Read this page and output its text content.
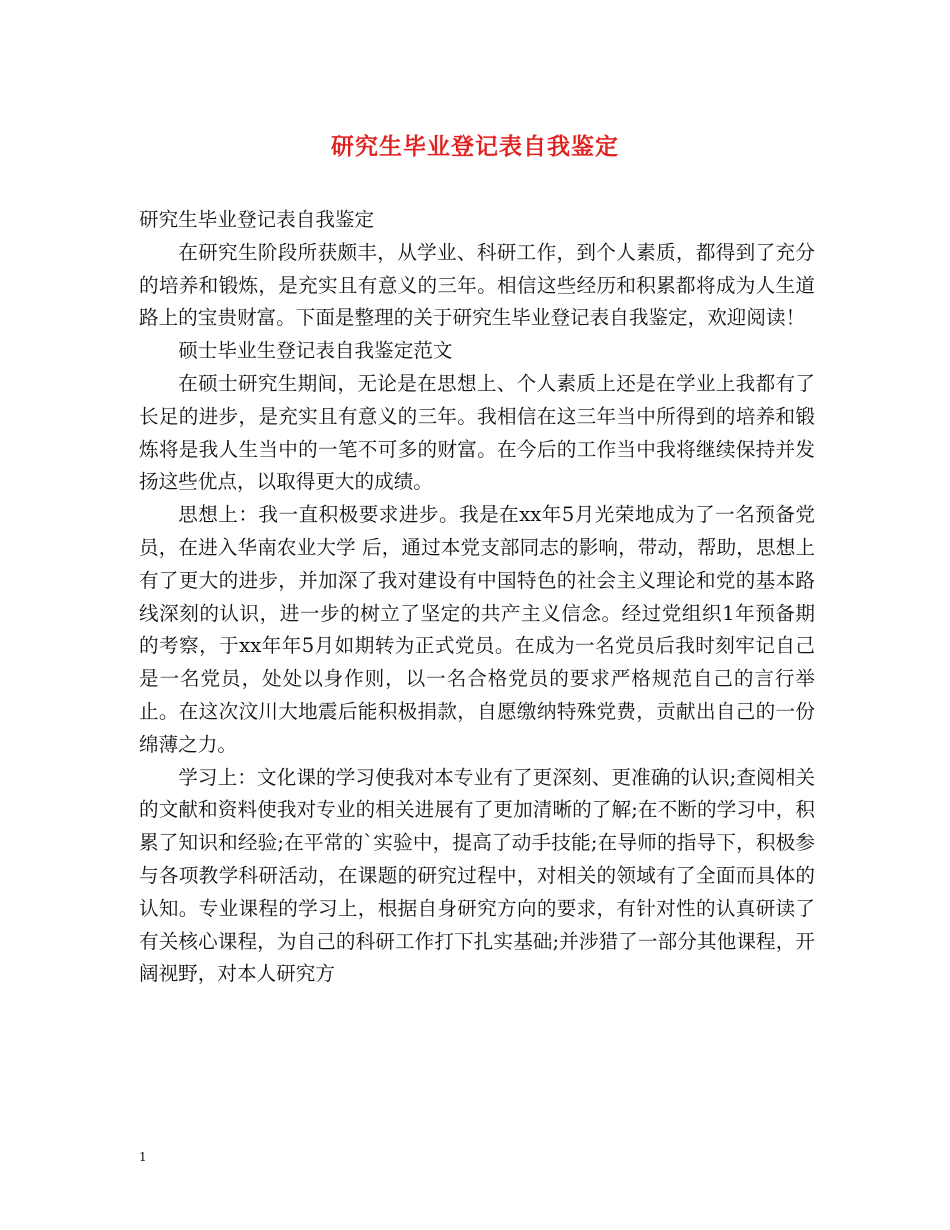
研究生毕业登记表自我鉴定

研究生毕业登记表自我鉴定

在研究生阶段所获颇丰，从学业、科研工作，到个人素质，都得到了充分的培养和锻炼，是充实且有意义的三年。相信这些经历和积累都将成为人生道路上的宝贵财富。下面是整理的关于研究生毕业登记表自我鉴定，欢迎阅读！

硕士毕业生登记表自我鉴定范文

在硕士研究生期间，无论是在思想上、个人素质上还是在学业上我都有了长足的进步，是充实且有意义的三年。我相信在这三年当中所得到的培养和锻炼将是我人生当中的一笔不可多的财富。在今后的工作当中我将继续保持并发扬这些优点，以取得更大的成绩。

思想上：我一直积极要求进步。我是在xx年5月光荣地成为了一名预备党员，在进入华南农业大学 后，通过本党支部同志的影响，带动，帮助，思想上有了更大的进步，并加深了我对建设有中国特色的社会主义理论和党的基本路线深刻的认识，进一步的树立了坚定的共产主义信念。经过党组织1年预备期的考察，于xx年年5月如期转为正式党员。在成为一名党员后我时刻牢记自己是一名党员，处处以身作则，以一名合格党员的要求严格规范自己的言行举止。在这次汶川大地震后能积极捐款，自愿缴纳特殊党费，贡献出自己的一份绵薄之力。

学习上：文化课的学习使我对本专业有了更深刻、更准确的认识;查阅相关的文献和资料使我对专业的相关进展有了更加清晰的了解;在不断的学习中，积累了知识和经验;在平常的`实验中，提高了动手技能;在导师的指导下，积极参与各项教学科研活动，在课题的研究过程中，对相关的领域有了全面而具体的认知。专业课程的学习上，根据自身研究方向的要求，有针对性的认真研读了有关核心课程，为自己的科研工作打下扎实基础;并涉猎了一部分其他课程，开阔视野，对本人研究方

1
